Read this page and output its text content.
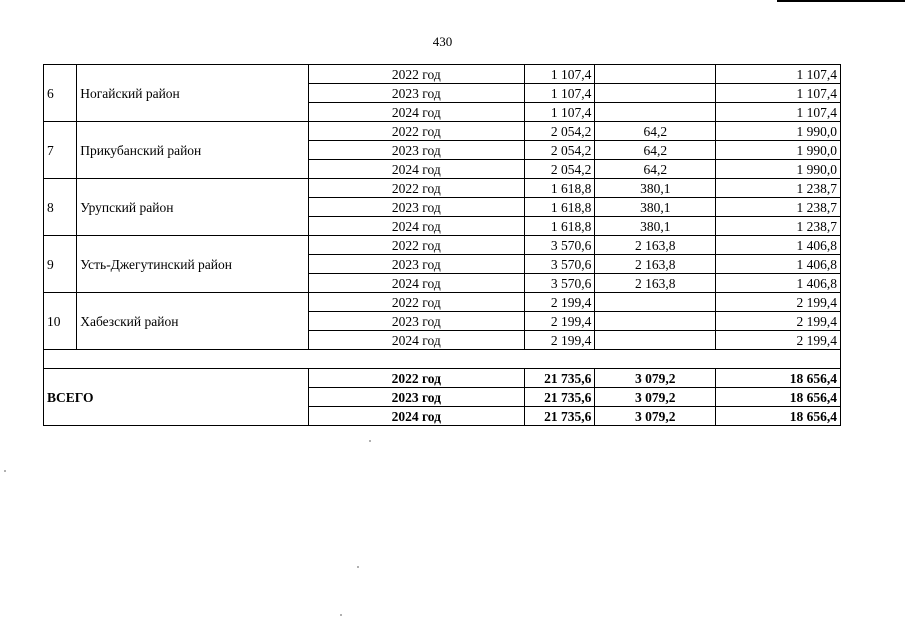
430
6	Ногайский район	2022 год	1 107,4		1 107,4
		2023 год	1 107,4		1 107,4
		2024 год	1 107,4		1 107,4
7	Прикубанский район	2022 год	2 054,2	64,2	1 990,0
		2023 год	2 054,2	64,2	1 990,0
		2024 год	2 054,2	64,2	1 990,0
8	Урупский район	2022 год	1 618,8	380,1	1 238,7
		2023 год	1 618,8	380,1	1 238,7
		2024 год	1 618,8	380,1	1 238,7
9	Усть-Джегутинский район	2022 год	3 570,6	2 163,8	1 406,8
		2023 год	3 570,6	2 163,8	1 406,8
		2024 год	3 570,6	2 163,8	1 406,8
10	Хабезский район	2022 год	2 199,4		2 199,4
		2023 год	2 199,4		2 199,4
		2024 год	2 199,4		2 199,4

ВСЕГО		2022 год	21 735,6	3 079,2	18 656,4
		2023 год	21 735,6	3 079,2	18 656,4
		2024 год	21 735,6	3 079,2	18 656,4
